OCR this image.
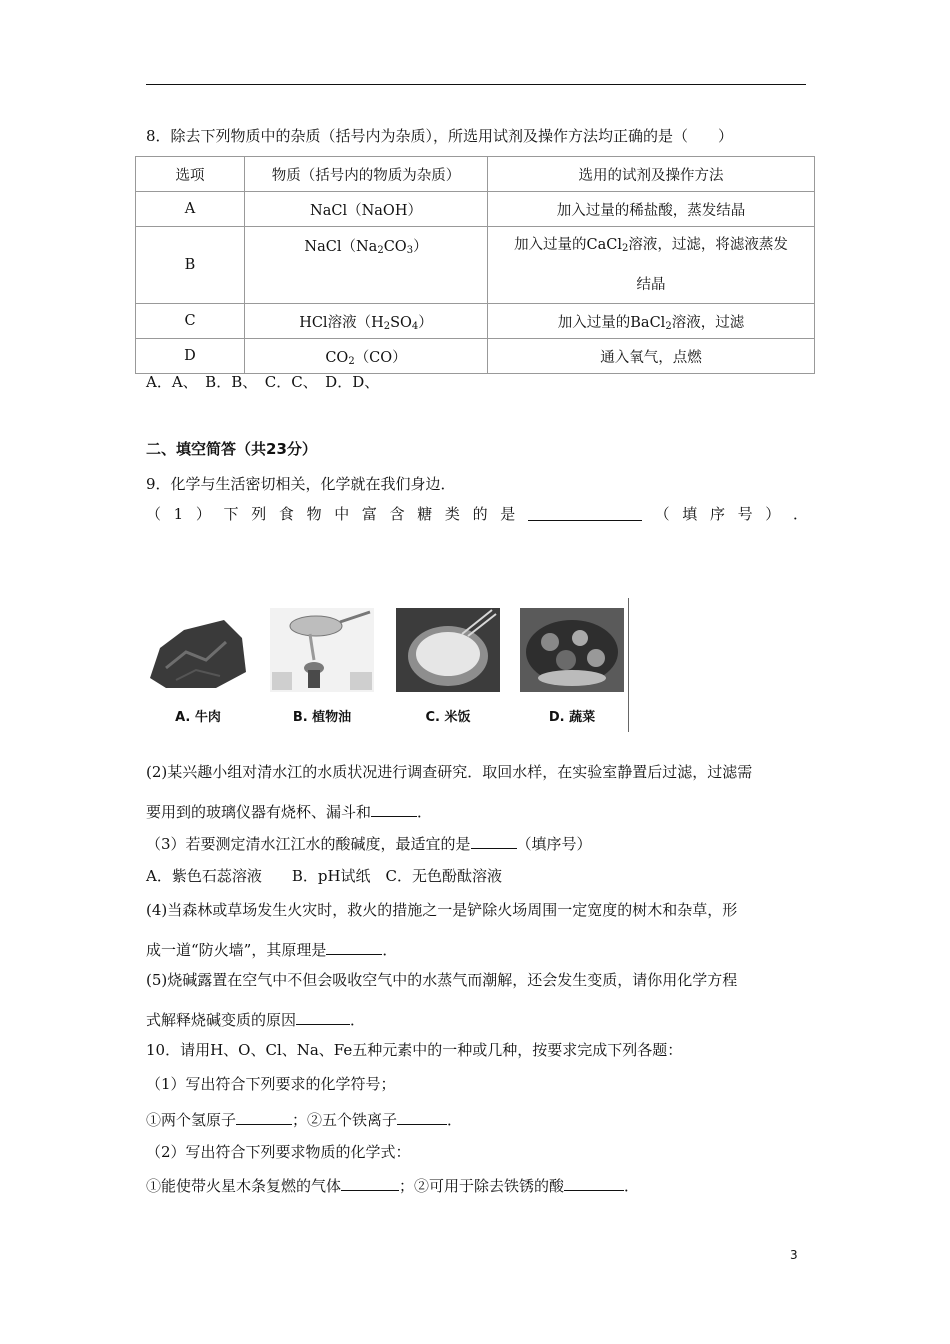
8．除去下列物质中的杂质（括号内为杂质），所选用试剂及操作方法均正确的是（　　）
选项	物质（括号内的物质为杂质）	选用的试剂及操作方法
A	NaCl（NaOH）	加入过量的稀盐酸，蒸发结晶
B	$NaCl(Na_2CO_3)$	加入过量的CaCl$_2$溶液，过滤，将滤液蒸发
结晶
C	HCl溶液$(H_2SO_4)$	加入过量的BaCl$_2$溶液，过滤
D	$CO_2(CO)$	通入氧气，点燃
A．A、　B．B、　C．C、　D．D、
二、填空简答（共23分）
9．化学与生活密切相关，化学就在我们身边．
（ 1 ） 下 列 食 物 中 富 含 糖 类 的 是	（ 填 序 号 ） ．
A. 牛肉	B. 植物油	C. 米饭	D. 蔬菜
(2)某兴趣小组对清水江的水质状况进行调查研究．取回水样，在实验室静置后过滤，过滤需
要用到的玻璃仪器有烧杯、漏斗和	．
（3）若要测定清水江江水的酸碱度，最适宜的是	（填序号）
A．紫色石蕊溶液　　B．pH试纸　C．无色酚酞溶液
(4)当森林或草场发生火灾时，救火的措施之一是铲除火场周围一定宽度的树木和杂草，形
成一道“防火墙”，其原理是	．
(5)烧碱露置在空气中不但会吸收空气中的水蒸气而潮解，还会发生变质，请你用化学方程
式解释烧碱变质的原因	．
10．请用H、O、Cl、Na、Fe五种元素中的一种或几种，按要求完成下列各题：
（1）写出符合下列要求的化学符号；
①两个氢原子	；②五个铁离子	．
（2）写出符合下列要求物质的化学式：
①能使带火星木条复燃的气体	；②可用于除去铁锈的酸	．
3
